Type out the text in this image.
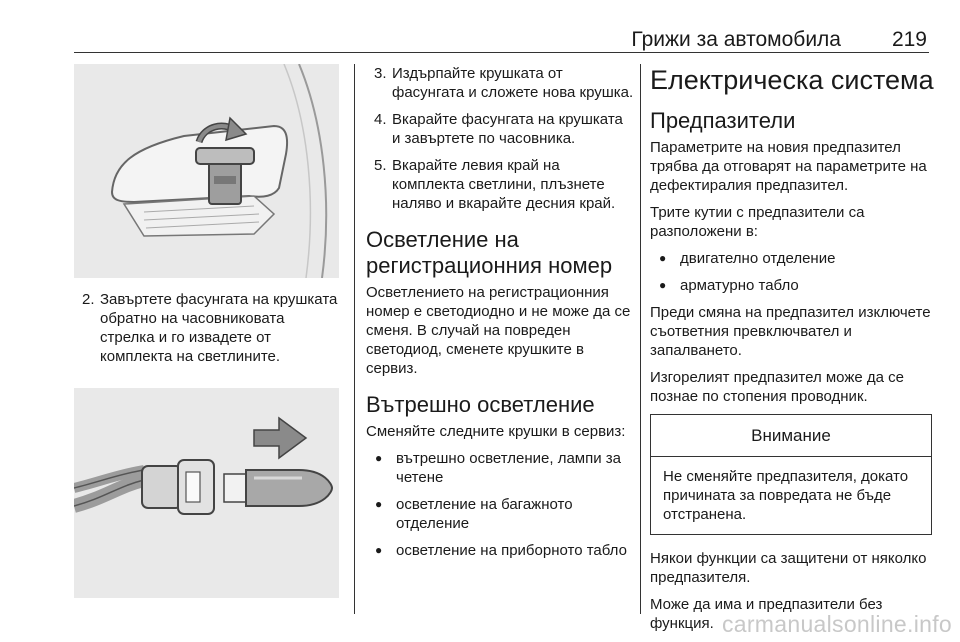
Грижи за автомобила 219
2. Завъртете фасунгата на крушката обратно на часовниковата стрелка и го извадете от комплекта на светлините.
3. Издърпайте крушката от фасунгата и сложете нова крушка.
4. Вкарайте фасунгата на крушката и завъртете по часовника.
5. Вкарайте левия край на комплекта светлини, плъзнете наляво и вкарайте десния край.
Осветление на регистрационния номер

Осветлението на регистрационния номер е светодиодно и не може да се сменя. В случай на повреден светодиод, сменете крушките в сервиз.

Вътрешно осветление

Сменяйте следните крушки в сервиз:

● вътрешно осветление, лампи за четене
● осветление на багажното отделение
● осветление на приборното табло
Електрическа система
Предпазители

Параметрите на новия предпазител трябва да отговарят на параметрите на дефектиралия предпазител.

Трите кутии с предпазители са разположени в:

● двигателно отделение
● арматурно табло

Преди смяна на предпазител изключете съответния превключвател и запалването.

Изгорелият предпазител може да се познае по стопения проводник.

Внимание
Не сменяйте предпазителя, докато причината за повредата не бъде отстранена.

Някои функции са защитени от няколко предпазителя.

Може да има и предпазители без функция. carmanualsonline.info
